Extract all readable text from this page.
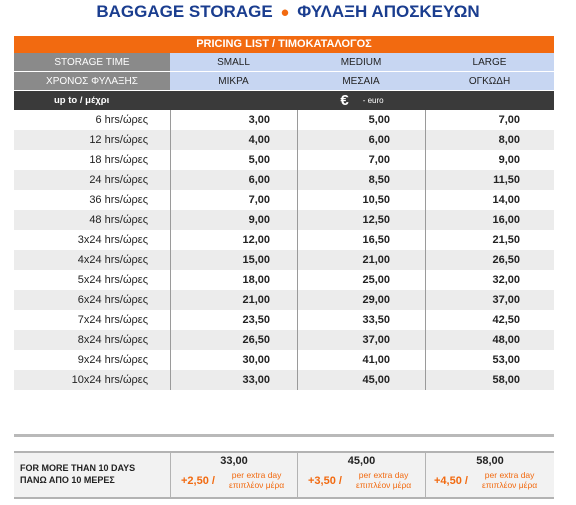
BAGGAGE STORAGE ● ΦΥΛΑΞΗ ΑΠΟΣΚΕΥΩΝ
PRICING LIST / ΤΙΜΟΚΑΤΑΛΟΓΟΣ
STORAGE TIME	SMALL	MEDIUM	LARGE
ΧΡΟΝΟΣ ΦΥΛΑΞΗΣ	ΜΙΚΡΑ	ΜΕΣΑΙΑ	ΟΓΚΩΔΗ
up to / μέχρι	€ - euro
6 hrs/ώρες	3,00	5,00	7,00
12 hrs/ώρες	4,00	6,00	8,00
18 hrs/ώρες	5,00	7,00	9,00
24 hrs/ώρες	6,00	8,50	11,50
36 hrs/ώρες	7,00	10,50	14,00
48 hrs/ώρες	9,00	12,50	16,00
3x24 hrs/ώρες	12,00	16,50	21,50
4x24 hrs/ώρες	15,00	21,00	26,50
5x24 hrs/ώρες	18,00	25,00	32,00
6x24 hrs/ώρες	21,00	29,00	37,00
7x24 hrs/ώρες	23,50	33,50	42,50
8x24 hrs/ώρες	26,50	37,00	48,00
9x24 hrs/ώρες	30,00	41,00	53,00
10x24 hrs/ώρες	33,00	45,00	58,00
FOR MORE THAN 10 DAYS
ΠΑΝΩ ΑΠΟ 10 ΜΕΡΕΣ
33,00
+2,50 /	per extra day
επιπλέον μέρα
45,00
+3,50 /	per extra day
επιπλέον μέρα
58,00
+4,50 /	per extra day
επιπλέον μέρα
